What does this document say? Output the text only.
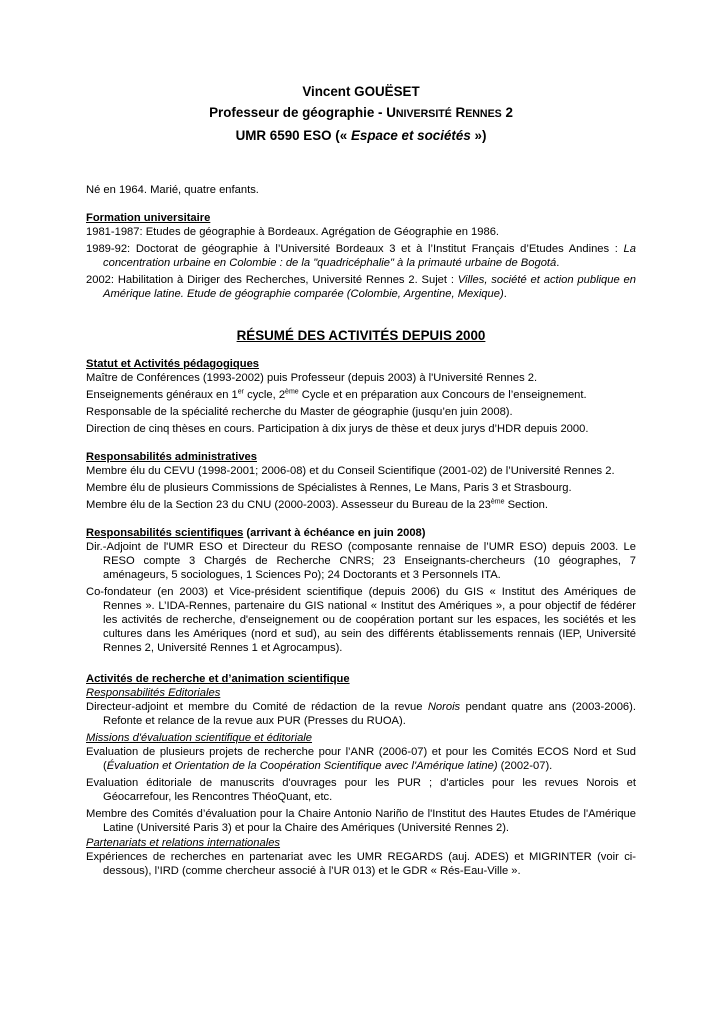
Vincent GOUËSET
Professeur de géographie - UNIVERSITÉ RENNES 2
UMR 6590 ESO (« Espace et sociétés »)
Né en 1964. Marié, quatre enfants.
Formation universitaire

1981-1987: Etudes de géographie à Bordeaux. Agrégation de Géographie en 1986.

1989-92: Doctorat de géographie à l’Université Bordeaux 3 et à l’Institut Français d’Etudes Andines : La concentration urbaine en Colombie : de la "quadricéphalie" à la primauté urbaine de Bogotá.

2002: Habilitation à Diriger des Recherches, Université Rennes 2. Sujet : Villes, société et action publique en Amérique latine. Etude de géographie comparée (Colombie, Argentine, Mexique).

RÉSUMÉ DES ACTIVITÉS DEPUIS 2000
Statut et Activités pédagogiques

Maître de Conférences (1993-2002) puis Professeur (depuis 2003) à l'Université Rennes 2.

Enseignements généraux en 1er cycle, 2ème Cycle et en préparation aux Concours de l’enseignement.

Responsable de la spécialité recherche du Master de géographie (jusqu’en juin 2008).

Direction de cinq thèses en cours. Participation à dix jurys de thèse et deux jurys d’HDR depuis 2000.

Responsabilités administratives

Membre élu du CEVU (1998-2001; 2006-08) et du Conseil Scientifique (2001-02) de l’Université Rennes 2.

Membre élu de plusieurs Commissions de Spécialistes à Rennes, Le Mans, Paris 3 et Strasbourg.

Membre élu de la Section 23 du CNU (2000-2003). Assesseur du Bureau de la 23ème Section.

Responsabilités scientifiques (arrivant à échéance en juin 2008)

Dir.-Adjoint de l'UMR ESO et Directeur du RESO (composante rennaise de l’UMR ESO) depuis 2003. Le RESO compte 3 Chargés de Recherche CNRS; 23 Enseignants-chercheurs (10 géographes, 7 aménageurs, 5 sociologues, 1 Sciences Po); 24 Doctorants et 3 Personnels ITA.

Co-fondateur (en 2003) et Vice-président scientifique (depuis 2006) du GIS « Institut des Amériques de Rennes ». L’IDA-Rennes, partenaire du GIS national « Institut des Amériques », a pour objectif de fédérer les activités de recherche, d'enseignement ou de coopération portant sur les espaces, les sociétés et les cultures dans les Amériques (nord et sud), au sein des différents établissements rennais (IEP, Université Rennes 2, Université Rennes 1 et Agrocampus).

Activités de recherche et d’animation scientifique
Responsabilités Editoriales

Directeur-adjoint et membre du Comité de rédaction de la revue Norois pendant quatre ans (2003-2006). Refonte et relance de la revue aux PUR (Presses du RUOA).

Missions d'évaluation scientifique et éditoriale

Evaluation de plusieurs projets de recherche pour l’ANR (2006-07) et pour les Comités ECOS Nord et Sud (Évaluation et Orientation de la Coopération Scientifique avec l'Amérique latine) (2002-07).

Evaluation éditoriale de manuscrits d'ouvrages pour les PUR ; d'articles pour les revues Norois et Géocarrefour, les Rencontres ThéoQuant, etc.

Membre des Comités d’évaluation pour la Chaire Antonio Nariño de l'Institut des Hautes Etudes de l'Amérique Latine (Université Paris 3) et pour la Chaire des Amériques (Université Rennes 2).

Partenariats et relations internationales

Expériences de recherches en partenariat avec les UMR REGARDS (auj. ADES) et MIGRINTER (voir ci-dessous), l’IRD (comme chercheur associé à l’UR 013) et le GDR « Rés-Eau-Ville ».
